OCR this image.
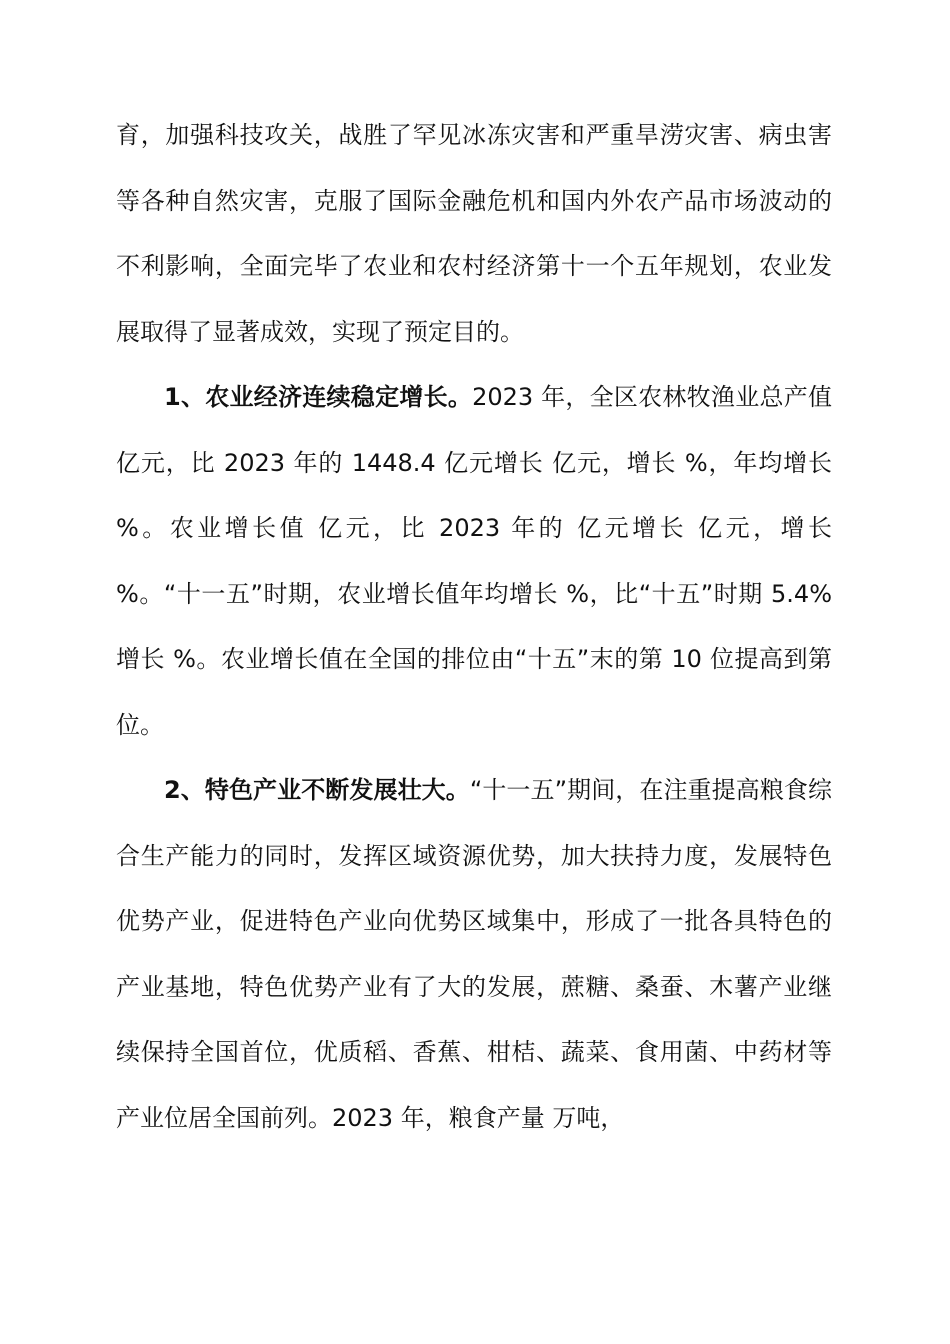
育，加强科技攻关，战胜了罕见冰冻灾害和严重旱涝灾害、病虫害等各种自然灾害，克服了国际金融危机和国内外农产品市场波动的不利影响，全面完毕了农业和农村经济第十一个五年规划，农业发展取得了显著成效，实现了预定目的。

1、农业经济连续稳定增长。2023 年，全区农林牧渔业总产值 亿元，比 2023 年的 1448.4 亿元增长 亿元，增长 %，年均增长 %。农业增长值 亿元，比 2023 年的 亿元增长 亿元，增长 %。“十一五”时期，农业增长值年均增长 %，比“十五”时期 5.4%增长 %。农业增长值在全国的排位由“十五”末的第 10 位提高到第 位。

2、特色产业不断发展壮大。“十一五”期间，在注重提高粮食综合生产能力的同时，发挥区域资源优势，加大扶持力度，发展特色优势产业，促进特色产业向优势区域集中，形成了一批各具特色的产业基地，特色优势产业有了大的发展，蔗糖、桑蚕、木薯产业继续保持全国首位，优质稻、香蕉、柑桔、蔬菜、食用菌、中药材等产业位居全国前列。2023 年，粮食产量 万吨，
